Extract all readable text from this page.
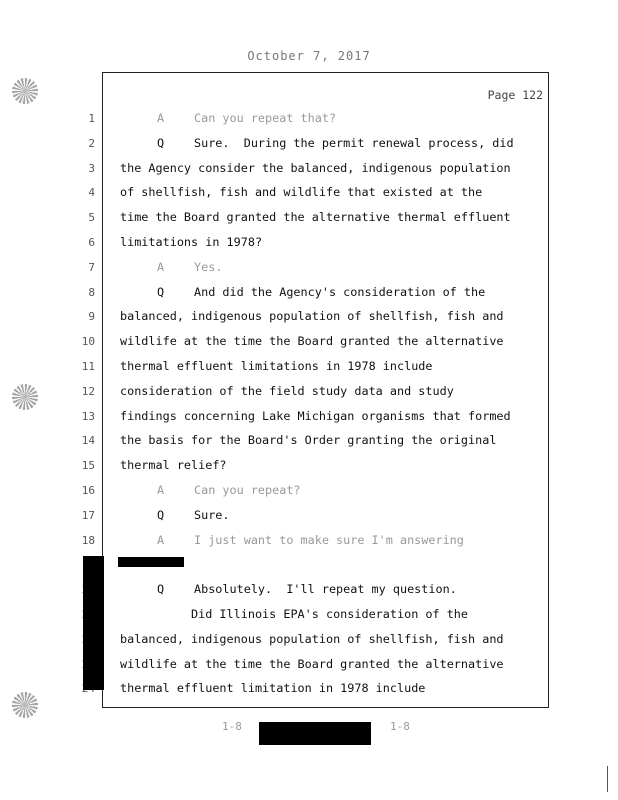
October 7, 2017
Page 122
1	A	Can you repeat that?
2	Q	Sure.  During the permit renewal process, did
3 the Agency consider the balanced, indigenous population
4 of shellfish, fish and wildlife that existed at the
5 time the Board granted the alternative thermal effluent
6 limitations in 1978?
7	A	Yes.
8	Q	And did the Agency's consideration of the
9 balanced, indigenous population of shellfish, fish and
10 wildlife at the time the Board granted the alternative
11 thermal effluent limitations in 1978 include
12 consideration of the field study data and study
13 findings concerning Lake Michigan organisms that formed
14 the basis for the Board's Order granting the original
15 thermal relief?
16	A	Can you repeat?
17	Q	Sure.
18	A	I just want to make sure I'm answering
Q	Absolutely.  I'll repeat my question.
Did Illinois EPA's consideration of the
balanced, indigenous population of shellfish, fish and
wildlife at the time the Board granted the alternative
thermal effluent limitation in 1978 include
1-8	1-8
